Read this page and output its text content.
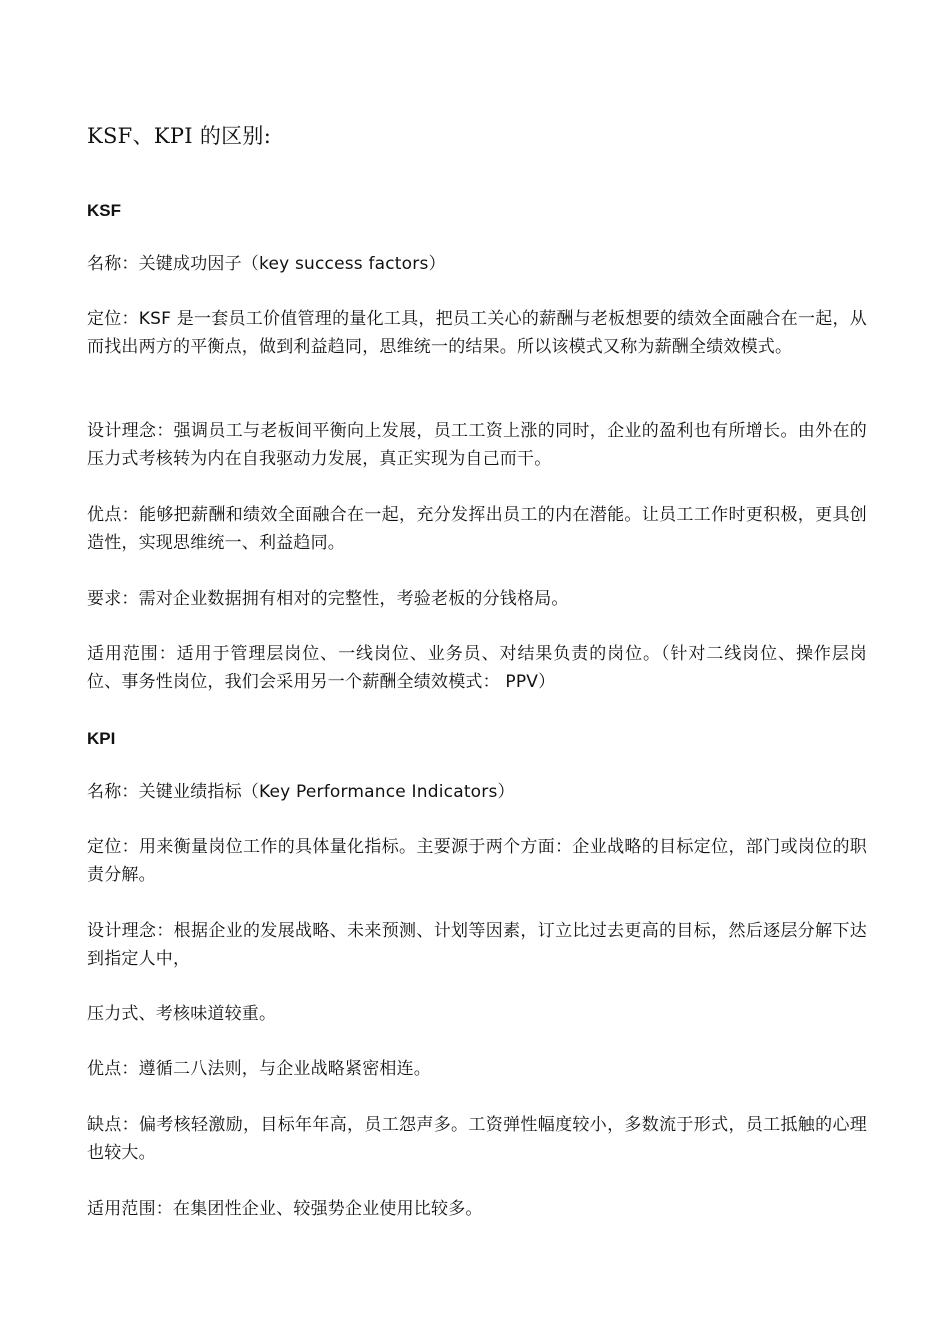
KSF、KPI 的区别:
KSF

名称：关键成功因子（key success factors）

定位：KSF 是一套员工价值管理的量化工具，把员工关心的薪酬与老板想要的绩效全面融合在一起，从而找出两方的平衡点，做到利益趋同，思维统一的结果。所以该模式又称为薪酬全绩效模式。

设计理念：强调员工与老板间平衡向上发展，员工工资上涨的同时，企业的盈利也有所增长。由外在的压力式考核转为内在自我驱动力发展，真正实现为自己而干。

优点：能够把薪酬和绩效全面融合在一起，充分发挥出员工的内在潜能。让员工工作时更积极，更具创造性，实现思维统一、利益趋同。

要求：需对企业数据拥有相对的完整性，考验老板的分钱格局。

适用范围：适用于管理层岗位、一线岗位、业务员、对结果负责的岗位。（针对二线岗位、操作层岗位、事务性岗位，我们会采用另一个薪酬全绩效模式： PPV）

KPI

名称：关键业绩指标（Key Performance Indicators）

定位：用来衡量岗位工作的具体量化指标。主要源于两个方面：企业战略的目标定位，部门或岗位的职责分解。

设计理念：根据企业的发展战略、未来预测、计划等因素，订立比过去更高的目标，然后逐层分解下达到指定人中，

压力式、考核味道较重。

优点：遵循二八法则，与企业战略紧密相连。

缺点：偏考核轻激励，目标年年高，员工怨声多。工资弹性幅度较小，多数流于形式，员工抵触的心理也较大。

适用范围：在集团性企业、较强势企业使用比较多。
